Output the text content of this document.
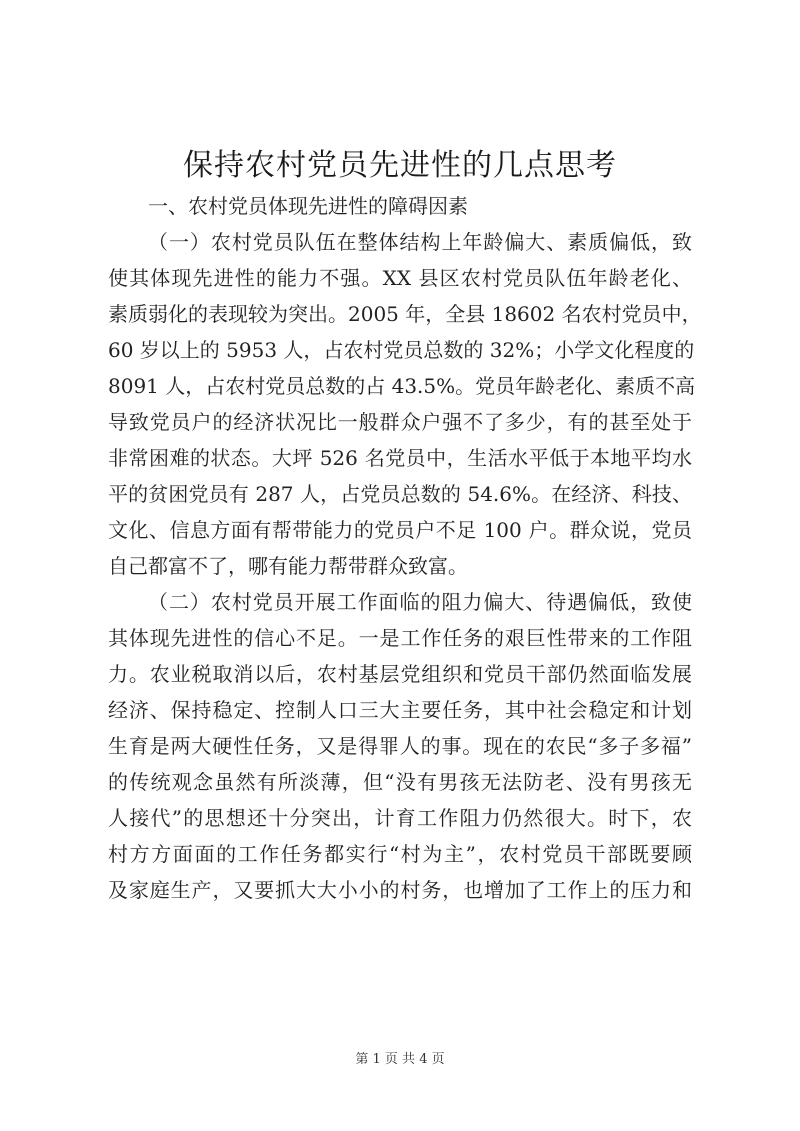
保持农村党员先进性的几点思考
一、农村党员体现先进性的障碍因素
（一）农村党员队伍在整体结构上年龄偏大、素质偏低，致
使其体现先进性的能力不强。XX 县区农村党员队伍年龄老化、
素质弱化的表现较为突出。2005 年，全县 18602 名农村党员中，
60 岁以上的 5953 人，占农村党员总数的 32%；小学文化程度的
8091 人，占农村党员总数的占 43.5%。党员年龄老化、素质不高
导致党员户的经济状况比一般群众户强不了多少，有的甚至处于
非常困难的状态。大坪 526 名党员中，生活水平低于本地平均水
平的贫困党员有 287 人，占党员总数的 54.6%。在经济、科技、
文化、信息方面有帮带能力的党员户不足 100 户。群众说，党员
自己都富不了，哪有能力帮带群众致富。
（二）农村党员开展工作面临的阻力偏大、待遇偏低，致使
其体现先进性的信心不足。一是工作任务的艰巨性带来的工作阻
力。农业税取消以后，农村基层党组织和党员干部仍然面临发展
经济、保持稳定、控制人口三大主要任务，其中社会稳定和计划
生育是两大硬性任务，又是得罪人的事。现在的农民“多子多福”
的传统观念虽然有所淡薄，但“没有男孩无法防老、没有男孩无
人接代”的思想还十分突出，计育工作阻力仍然很大。时下，农
村方方面面的工作任务都实行“村为主”，农村党员干部既要顾
及家庭生产，又要抓大大小小的村务，也增加了工作上的压力和
第 1 页 共 4 页
